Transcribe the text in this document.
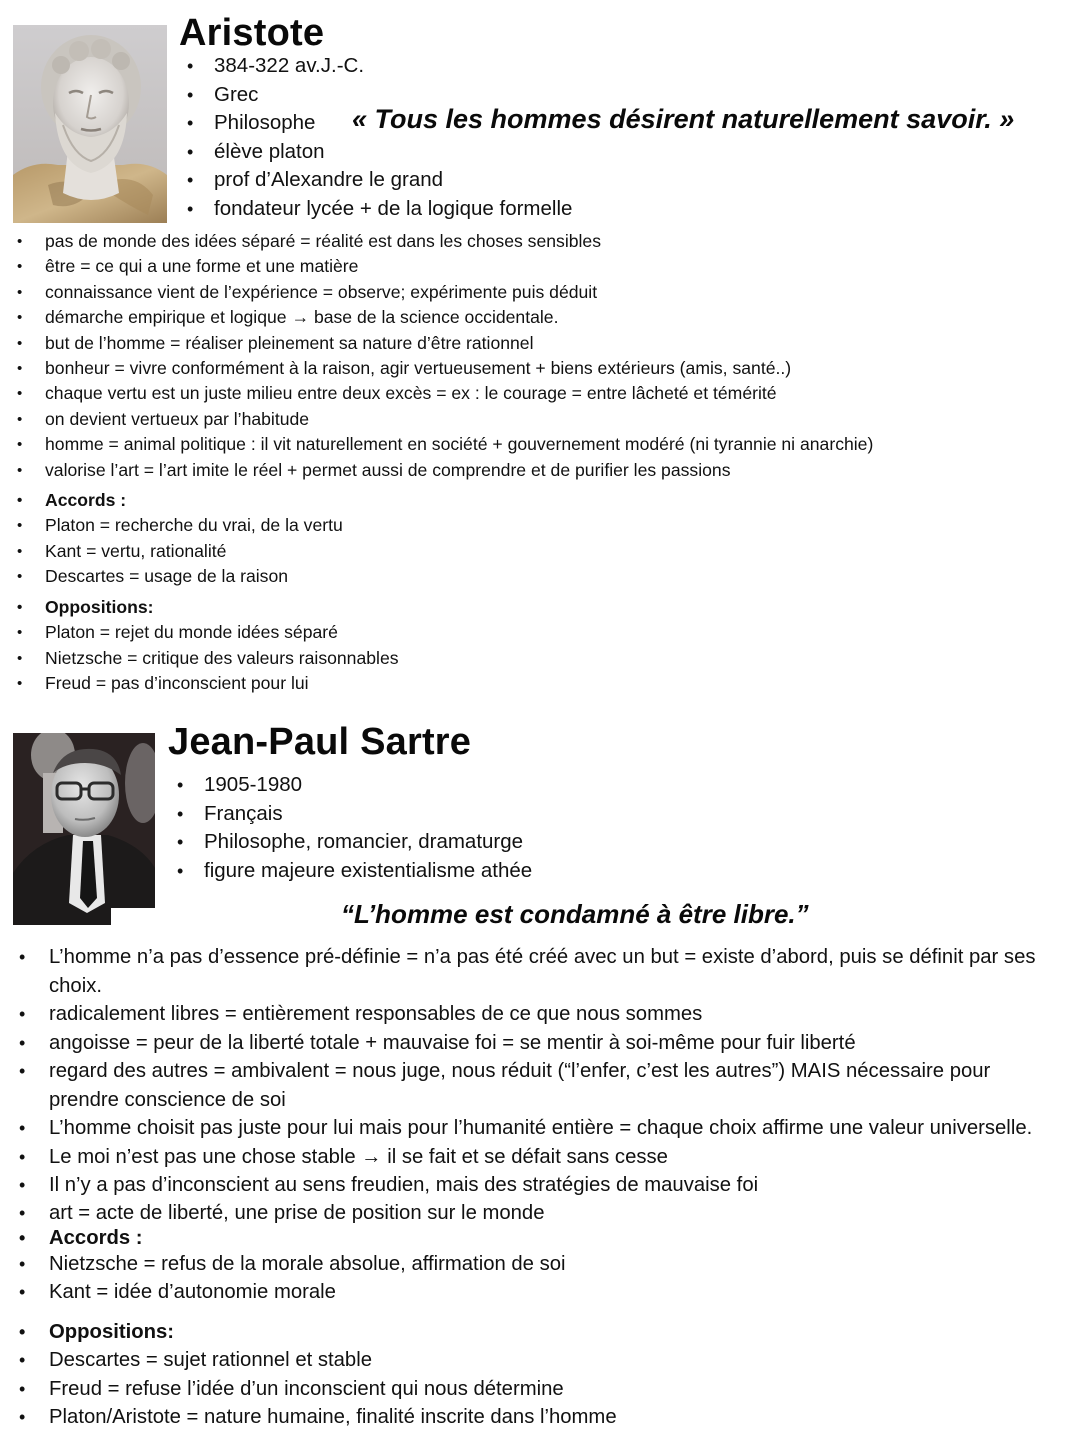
Aristote
• 384-322 av.J.-C.
• Grec
• Philosophe
• élève platon
• prof d’Alexandre le grand
• fondateur lycée + de la logique formelle
« Tous les hommes désirent naturellement savoir. »
• pas de monde des idées séparé = réalité est dans les choses sensibles
• être = ce qui a une forme et une matière
• connaissance vient de l’expérience = observe; expérimente puis déduit
• démarche empirique et logique → base de la science occidentale.
• but de l’homme = réaliser pleinement sa nature d’être rationnel
• bonheur = vivre conformément à la raison, agir vertueusement + biens extérieurs (amis, santé..)
• chaque vertu est un juste milieu entre deux excès = ex : le courage = entre lâcheté et témérité
• on devient vertueux par l’habitude
• homme = animal politique : il vit naturellement en société + gouvernement modéré (ni tyrannie ni anarchie)
• valorise l’art = l’art imite le réel + permet aussi de comprendre et de purifier les passions
• Accords :
• Platon = recherche du vrai, de la vertu
• Kant = vertu, rationalité
• Descartes = usage de la raison
• Oppositions:
• Platon = rejet du monde idées séparé
• Nietzsche = critique des valeurs raisonnables
• Freud = pas d’inconscient pour lui
Jean-Paul Sartre
• 1905-1980
• Français
• Philosophe, romancier, dramaturge
• figure majeure existentialisme athée
“L’homme est condamné à être libre.”
• L’homme n’a pas d’essence pré-définie = n’a pas été créé avec un but = existe d’abord, puis se définit par ses choix.
• radicalement libres = entièrement responsables de ce que nous sommes
• angoisse = peur de la liberté totale + mauvaise foi = se mentir à soi-même pour fuir liberté
• regard des autres = ambivalent = nous juge, nous réduit (“l’enfer, c’est les autres”) MAIS nécessaire pour prendre conscience de soi
• L’homme choisit pas juste pour lui mais pour l’humanité entière = chaque choix affirme une valeur universelle.
• Le moi n’est pas une chose stable → il se fait et se défait sans cesse
• Il n’y a pas d’inconscient au sens freudien, mais des stratégies de mauvaise foi
• art = acte de liberté, une prise de position sur le monde
• Accords :
• Nietzsche = refus de la morale absolue, affirmation de soi
• Kant = idée d’autonomie morale
• Oppositions:
• Descartes = sujet rationnel et stable
• Freud = refuse l’idée d’un inconscient qui nous détermine
• Platon/Aristote = nature humaine, finalité inscrite dans l’homme
